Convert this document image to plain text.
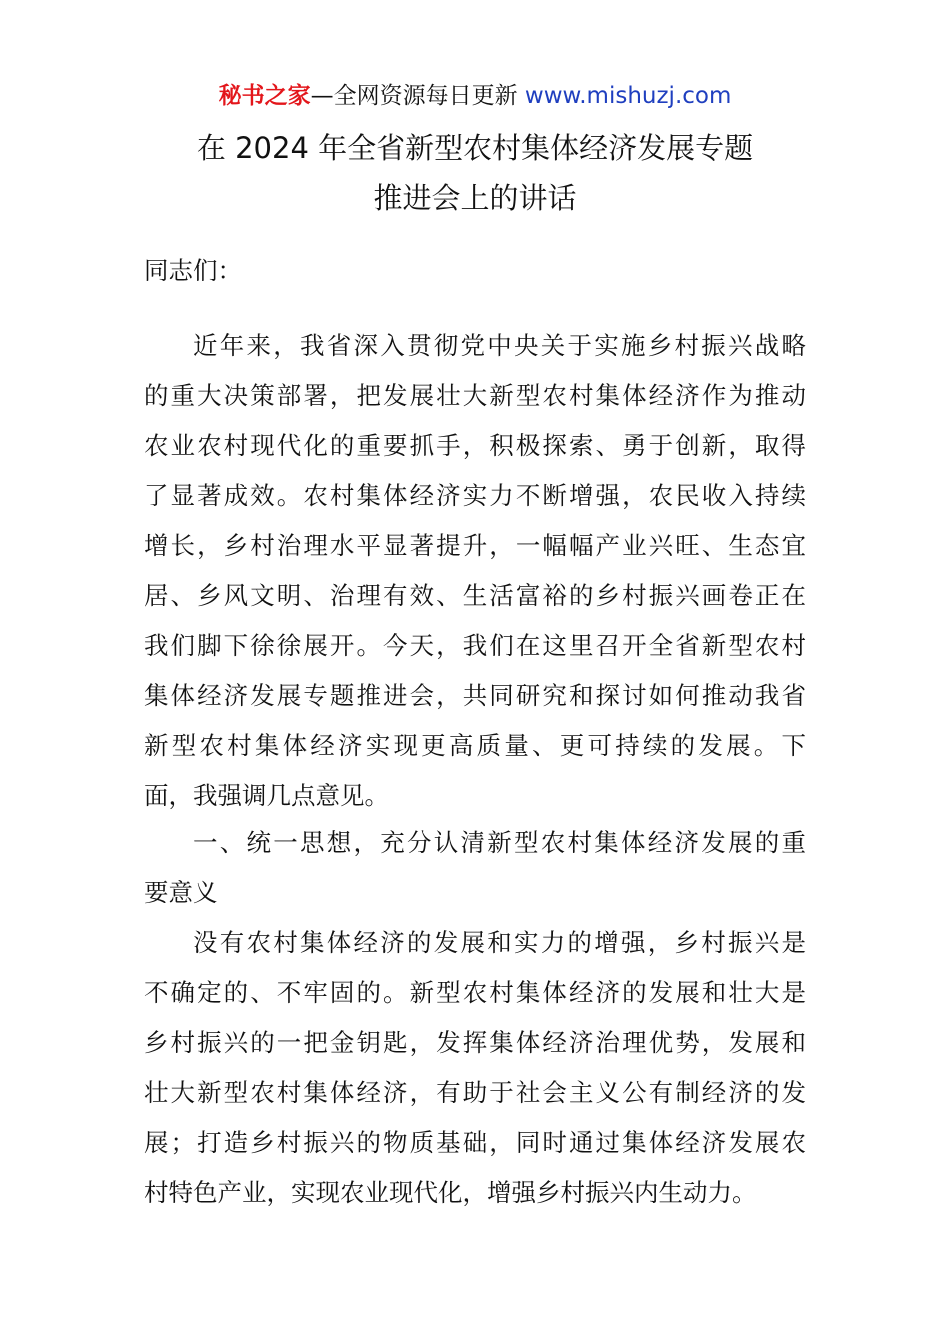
秘书之家—全网资源每日更新 www.mishuzj.com
在 2024 年全省新型农村集体经济发展专题
推进会上的讲话
同志们：
近年来，我省深入贯彻党中央关于实施乡村振兴战略
的重大决策部署，把发展壮大新型农村集体经济作为推动
农业农村现代化的重要抓手，积极探索、勇于创新，取得
了显著成效。农村集体经济实力不断增强，农民收入持续
增长，乡村治理水平显著提升，一幅幅产业兴旺、生态宜
居、乡风文明、治理有效、生活富裕的乡村振兴画卷正在
我们脚下徐徐展开。今天，我们在这里召开全省新型农村
集体经济发展专题推进会，共同研究和探讨如何推动我省
新型农村集体经济实现更高质量、更可持续的发展。下
面，我强调几点意见。
一、统一思想，充分认清新型农村集体经济发展的重
要意义
没有农村集体经济的发展和实力的增强，乡村振兴是
不确定的、不牢固的。新型农村集体经济的发展和壮大是
乡村振兴的一把金钥匙，发挥集体经济治理优势，发展和
壮大新型农村集体经济，有助于社会主义公有制经济的发
展；打造乡村振兴的物质基础，同时通过集体经济发展农
村特色产业，实现农业现代化，增强乡村振兴内生动力。
